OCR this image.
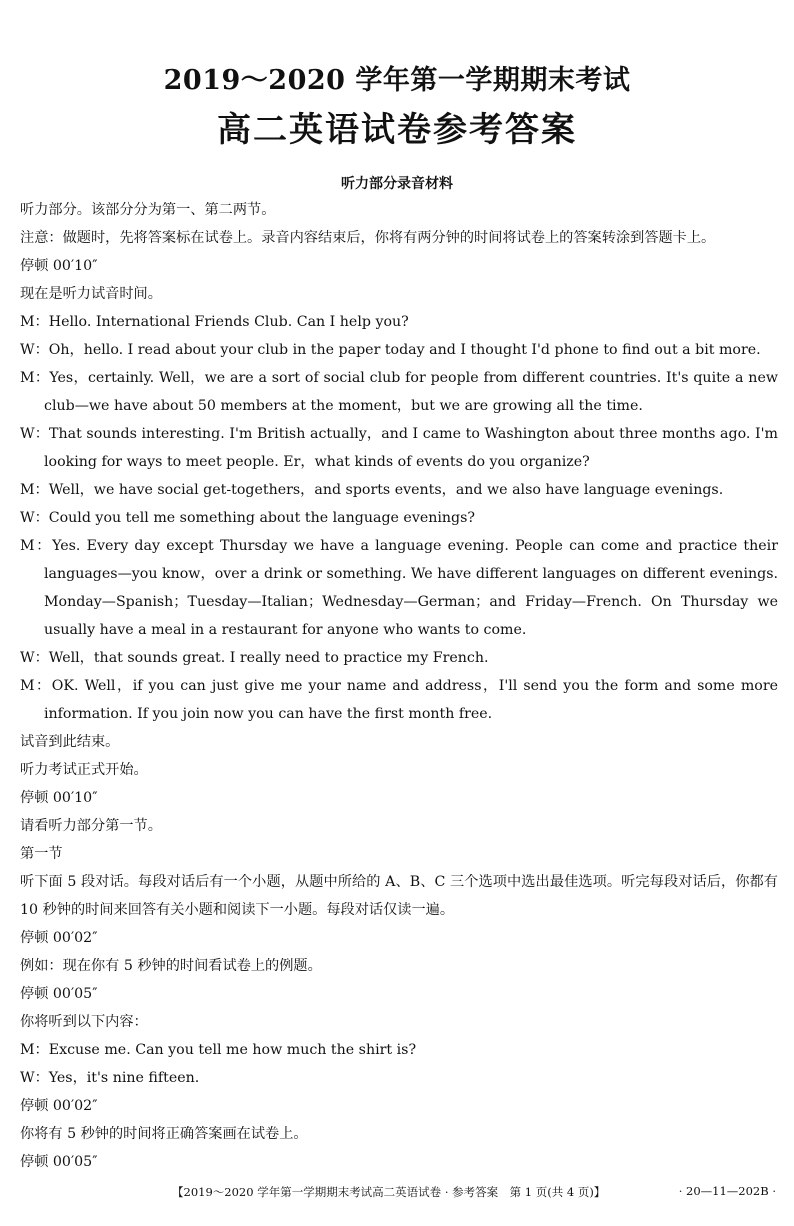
2019～2020 学年第一学期期末考试
高二英语试卷参考答案
听力部分录音材料

听力部分。该部分分为第一、第二两节。

注意：做题时，先将答案标在试卷上。录音内容结束后，你将有两分钟的时间将试卷上的答案转涂到答题卡上。

停顿 00′10″

现在是听力试音时间。

M：Hello. International Friends Club. Can I help you?

W：Oh，hello. I read about your club in the paper today and I thought I'd phone to find out a bit more.

M：Yes，certainly. Well，we are a sort of social club for people from different countries. It's quite a new club—we have about 50 members at the moment，but we are growing all the time.

W：That sounds interesting. I'm British actually，and I came to Washington about three months ago. I'm looking for ways to meet people. Er，what kinds of events do you organize?

M：Well，we have social get-togethers，and sports events，and we also have language evenings.

W：Could you tell me something about the language evenings?

M：Yes. Every day except Thursday we have a language evening. People can come and practice their languages—you know，over a drink or something. We have different languages on different evenings. Monday—Spanish；Tuesday—Italian；Wednesday—German；and Friday—French. On Thursday we usually have a meal in a restaurant for anyone who wants to come.

W：Well，that sounds great. I really need to practice my French.

M：OK. Well，if you can just give me your name and address，I'll send you the form and some more information. If you join now you can have the first month free.

试音到此结束。

听力考试正式开始。

停顿 00′10″

请看听力部分第一节。

第一节

听下面 5 段对话。每段对话后有一个小题，从题中所给的 A、B、C 三个选项中选出最佳选项。听完每段对话后，你都有 10 秒钟的时间来回答有关小题和阅读下一小题。每段对话仅读一遍。

停顿 00′02″

例如：现在你有 5 秒钟的时间看试卷上的例题。

停顿 00′05″

你将听到以下内容：

M：Excuse me. Can you tell me how much the shirt is?

W：Yes，it's nine fifteen.

停顿 00′02″

你将有 5 秒钟的时间将正确答案画在试卷上。

停顿 00′05″

【2019～2020 学年第一学期期末考试高二英语试卷 · 参考答案　第 1 页(共 4 页)】	· 20—11—202B ·
